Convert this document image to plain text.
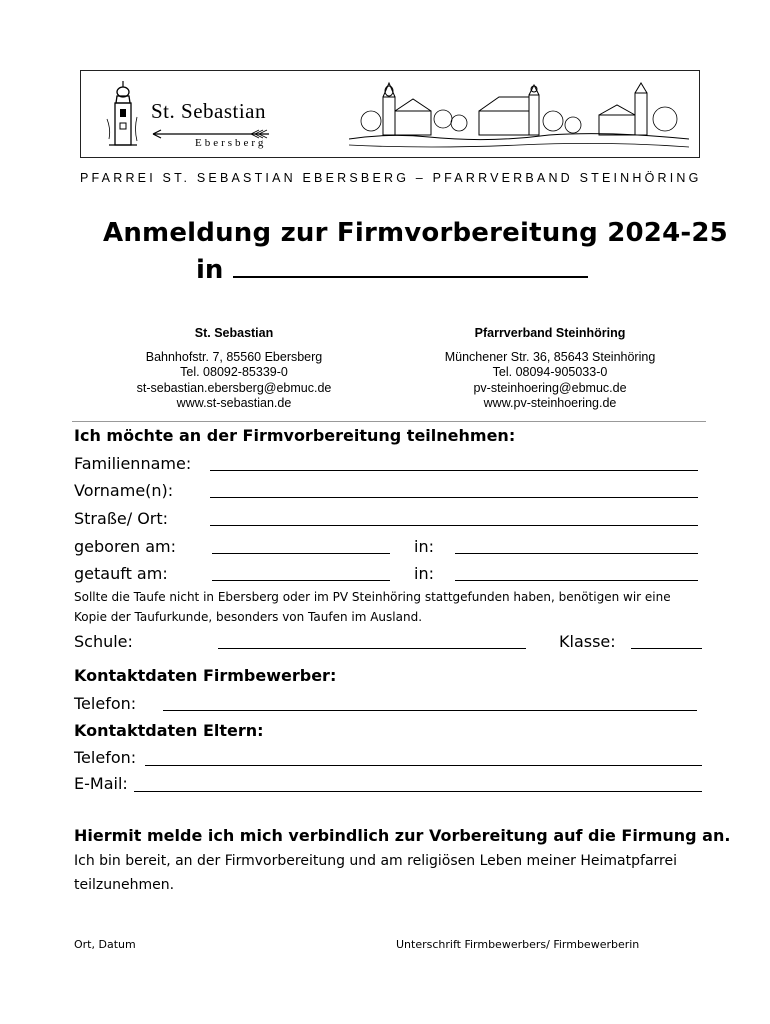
St. Sebastian
Ebersberg
PFARREI ST. SEBASTIAN EBERSBERG – PFARRVERBAND STEINHÖRING
Anmeldung zur Firmvorbereitung 2024-25
in
St. Sebastian
Bahnhofstr. 7, 85560 Ebersberg
Tel. 08092-85339-0
st-sebastian.ebersberg@ebmuc.de
www.st-sebastian.de
Pfarrverband Steinhöring
Münchener Str. 36, 85643 Steinhöring
Tel. 08094-905033-0
pv-steinhoering@ebmuc.de
www.pv-steinhoering.de
Ich möchte an der Firmvorbereitung teilnehmen:
Familienname:
Vorname(n):
Straße/ Ort:
geboren am:	in:
getauft am:	in:
Sollte die Taufe nicht in Ebersberg oder im PV Steinhöring stattgefunden haben, benötigen wir eine
Kopie der Taufurkunde, besonders von Taufen im Ausland.
Schule:	Klasse:
Kontaktdaten Firmbewerber:
Telefon:
Kontaktdaten Eltern:
Telefon:
E-Mail:
Hiermit melde ich mich verbindlich zur Vorbereitung auf die Firmung an.
Ich bin bereit, an der Firmvorbereitung und am religiösen Leben meiner Heimatpfarrei
teilzunehmen.
Ort, Datum	Unterschrift Firmbewerbers/ Firmbewerberin
